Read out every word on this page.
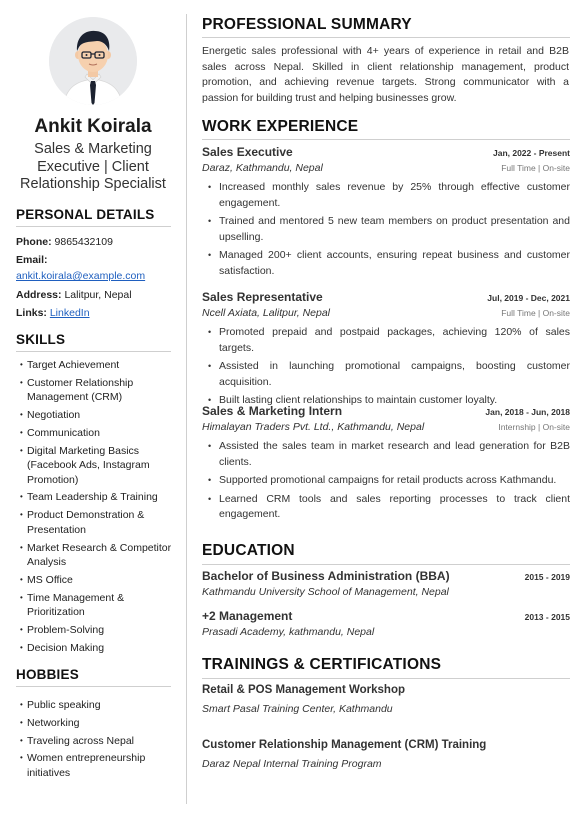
Ankit Koirala
Sales & Marketing Executive | Client Relationship Specialist
PERSONAL DETAILS
Phone: 9865432109
Email:
ankit.koirala@example.com
Address: Lalitpur, Nepal
Links: LinkedIn
SKILLS
• Target Achievement
• Customer Relationship Management (CRM)
• Negotiation
• Communication
• Digital Marketing Basics (Facebook Ads, Instagram Promotion)
• Team Leadership & Training
• Product Demonstration & Presentation
• Market Research & Competitor Analysis
• MS Office
• Time Management & Prioritization
• Problem-Solving
• Decision Making
HOBBIES
• Public speaking
• Networking
• Traveling across Nepal
• Women entrepreneurship initiatives
PROFESSIONAL SUMMARY
Energetic sales professional with 4+ years of experience in retail and B2B sales across Nepal. Skilled in client relationship management, product promotion, and achieving revenue targets. Strong communicator with a passion for building trust and helping businesses grow.
WORK EXPERIENCE
Sales Executive	Jan, 2022 - Present
Daraz, Kathmandu, Nepal	Full Time | On-site
• Increased monthly sales revenue by 25% through effective customer engagement.
• Trained and mentored 5 new team members on product presentation and upselling.
• Managed 200+ client accounts, ensuring repeat business and customer satisfaction.
Sales Representative	Jul, 2019 - Dec, 2021
Ncell Axiata, Lalitpur, Nepal	Full Time | On-site
• Promoted prepaid and postpaid packages, achieving 120% of sales targets.
• Assisted in launching promotional campaigns, boosting customer acquisition.
• Built lasting client relationships to maintain customer loyalty.
Sales & Marketing Intern	Jan, 2018 - Jun, 2018
Himalayan Traders Pvt. Ltd., Kathmandu, Nepal	Internship | On-site
• Assisted the sales team in market research and lead generation for B2B clients.
• Supported promotional campaigns for retail products across Kathmandu.
• Learned CRM tools and sales reporting processes to track client engagement.
EDUCATION
Bachelor of Business Administration (BBA)	2015 - 2019
Kathmandu University School of Management, Nepal
+2 Management	2013 - 2015
Prasadi Academy, kathmandu, Nepal
TRAININGS & CERTIFICATIONS
Retail & POS Management Workshop
Smart Pasal Training Center, Kathmandu
Customer Relationship Management (CRM) Training
Daraz Nepal Internal Training Program
